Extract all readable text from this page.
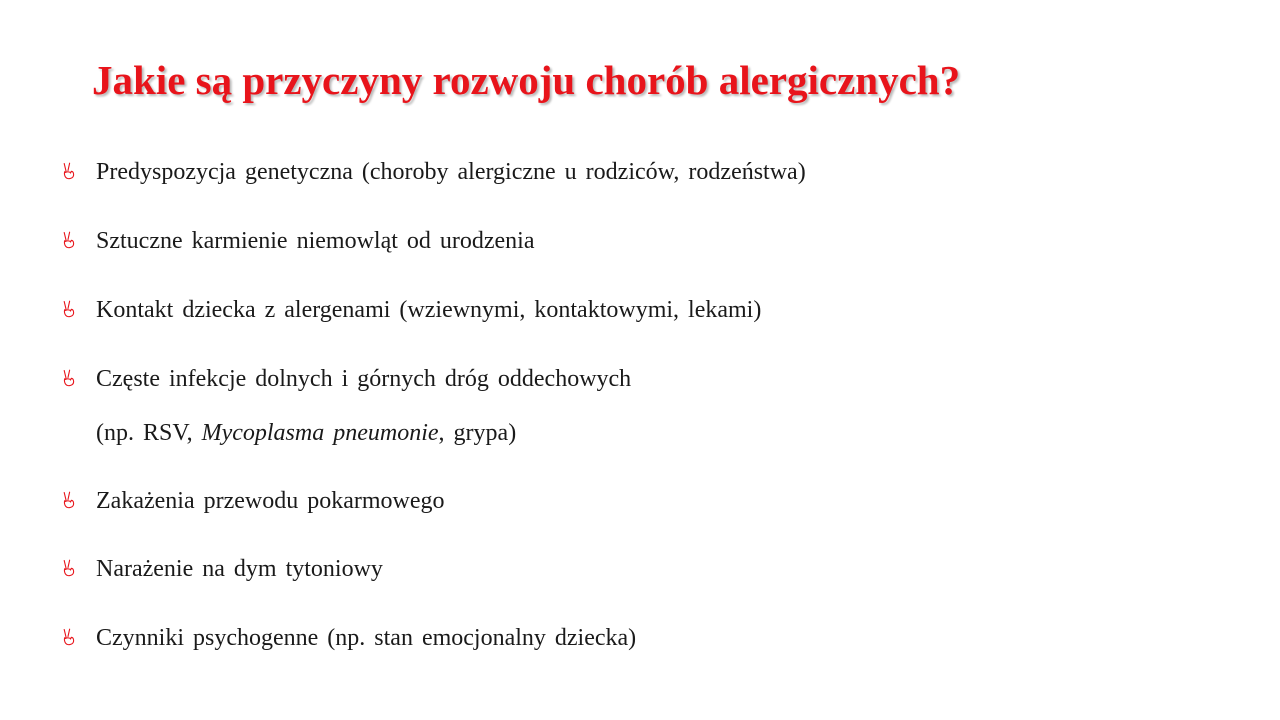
Jakie są przyczyny rozwoju chorób alergicznych?
Predyspozycja genetyczna (choroby alergiczne u rodziców, rodzeństwa)
Sztuczne karmienie niemowląt od urodzenia
Kontakt dziecka z alergenami (wziewnymi, kontaktowymi, lekami)
Częste infekcje dolnych i górnych dróg oddechowych
(np. RSV, Mycoplasma pneumonie, grypa)
Zakażenia przewodu pokarmowego
Narażenie na dym tytoniowy
Czynniki psychogenne (np. stan emocjonalny dziecka)
